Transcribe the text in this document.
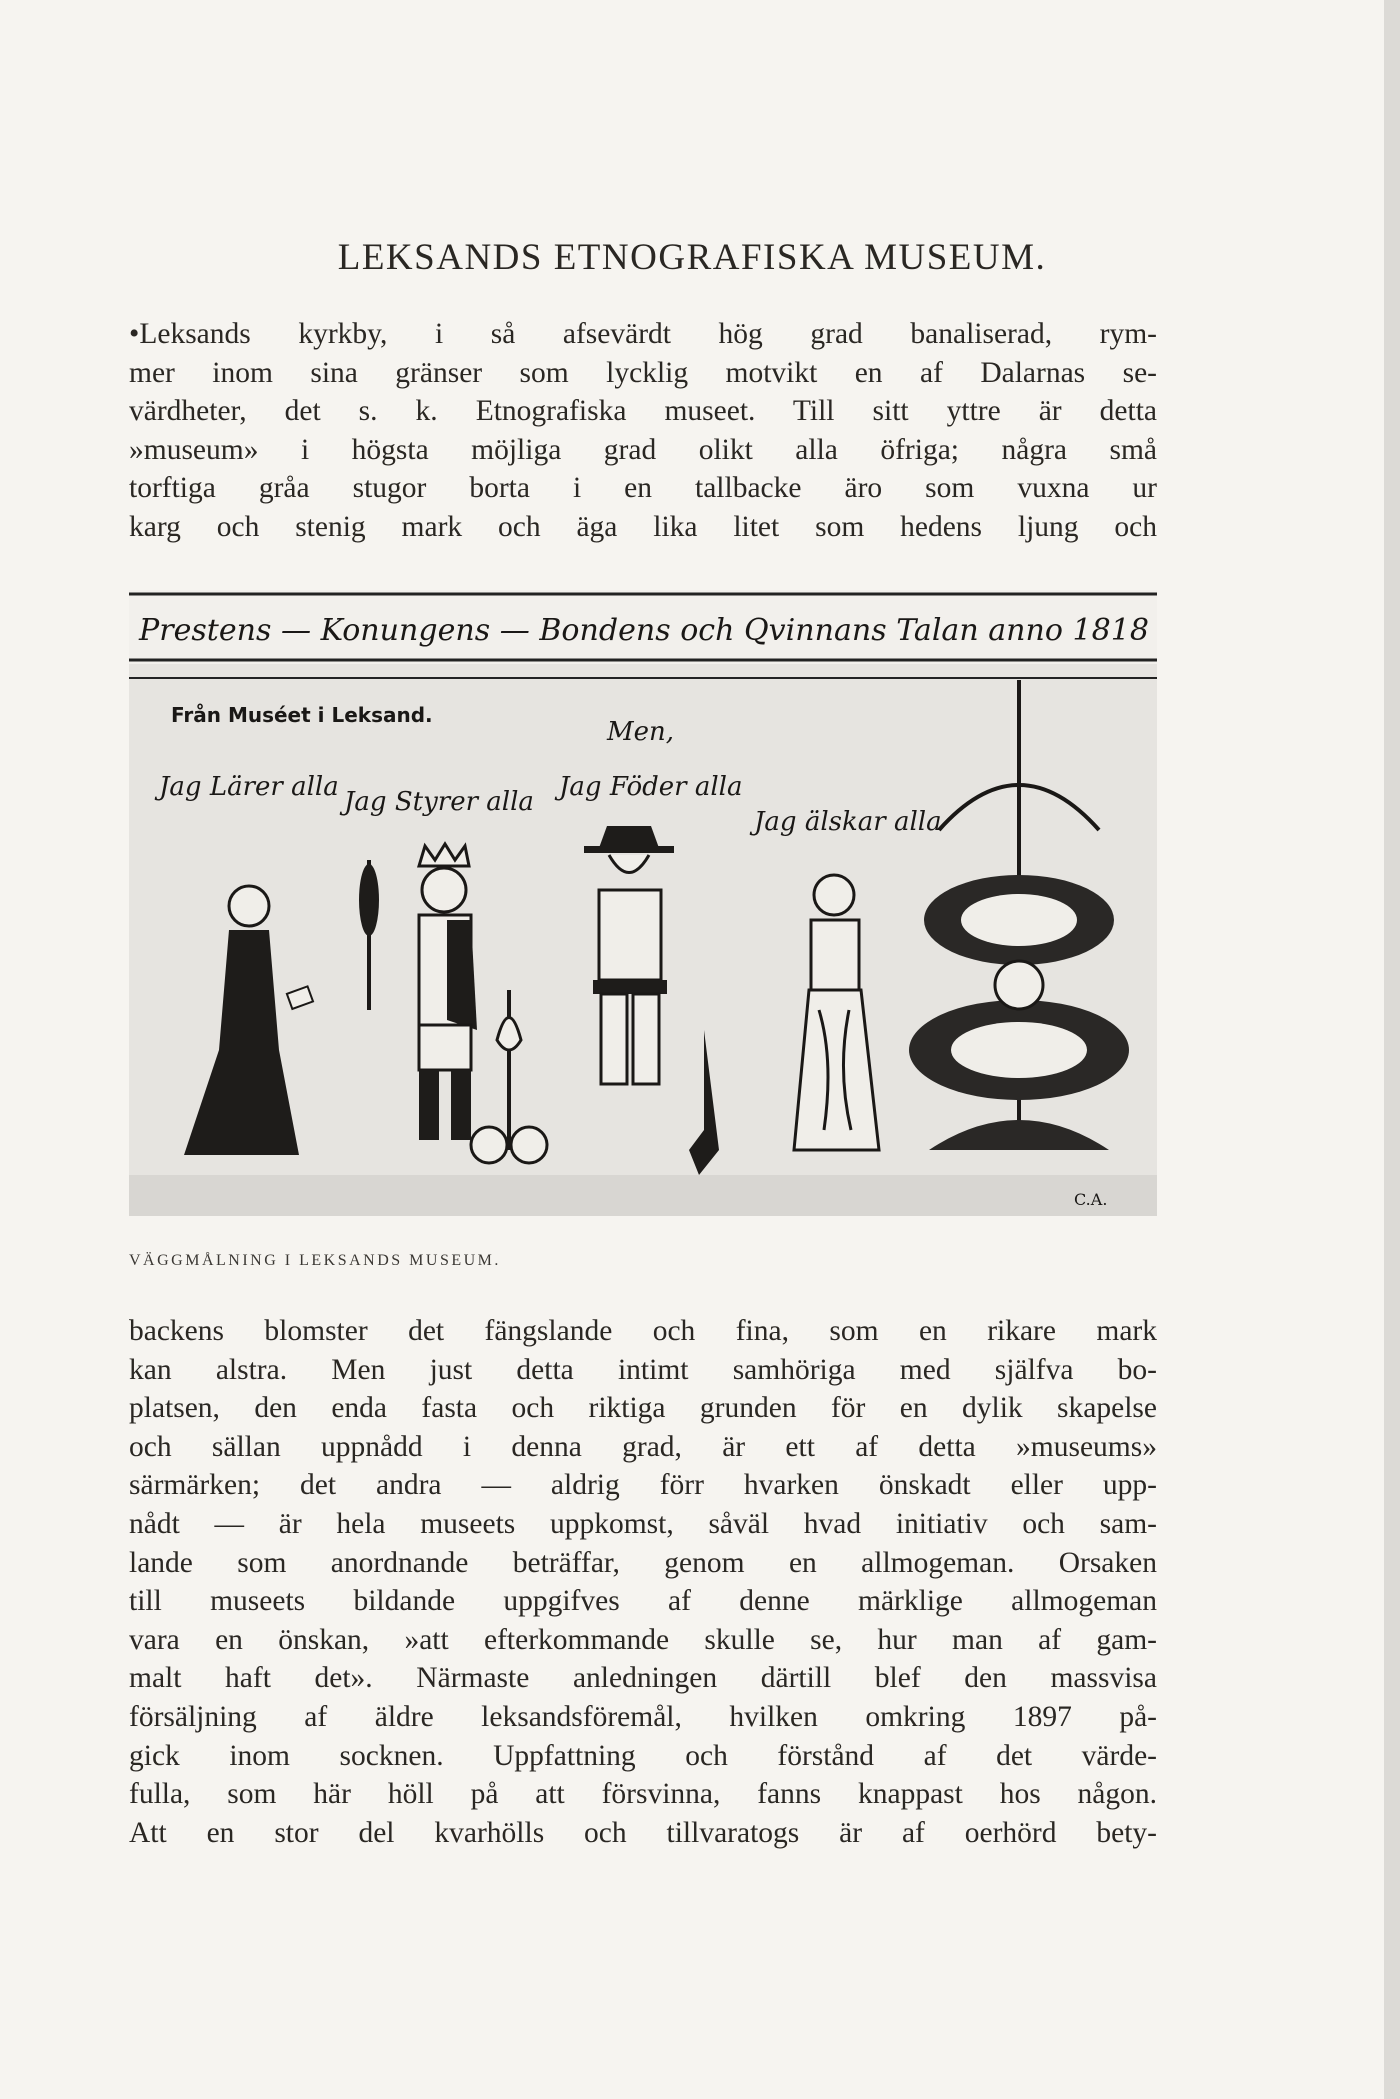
LEKSANDS ETNOGRAFISKA MUSEUM.
•Leksands kyrkby, i så afsevärdt hög grad banaliserad, rym-
mer inom sina gränser som lycklig motvikt en af Dalarnas se-
värdheter, det s. k. Etnografiska museet. Till sitt yttre är detta
»museum» i högsta möjliga grad olikt alla öfriga; några små
torftiga gråa stugor borta i en tallbacke äro som vuxna ur
karg och stenig mark och äga lika litet som hedens ljung och
Prestens — Konungens — Bondens och Qvinnans Talan anno 1818
Från Muséet i Leksand.
Jag Lärer alla Jag Styrer alla
Men,
Jag Föder alla
Jag älskar alla
C.A.
VÄGGMÅLNING I LEKSANDS MUSEUM.
backens blomster det fängslande och fina, som en rikare mark
kan alstra. Men just detta intimt samhöriga med själfva bo-
platsen, den enda fasta och riktiga grunden för en dylik skapelse
och sällan uppnådd i denna grad, är ett af detta »museums»
särmärken; det andra — aldrig förr hvarken önskadt eller upp-
nådt — är hela museets uppkomst, såväl hvad initiativ och sam-
lande som anordnande beträffar, genom en allmogeman. Orsaken
till museets bildande uppgifves af denne märklige allmogeman
vara en önskan, »att efterkommande skulle se, hur man af gam-
malt haft det». Närmaste anledningen därtill blef den massvisa
försäljning af äldre leksandsföremål, hvilken omkring 1897 på-
gick inom socknen. Uppfattning och förstånd af det värde-
fulla, som här höll på att försvinna, fanns knappast hos någon.
Att en stor del kvarhölls och tillvaratogs är af oerhörd bety-
